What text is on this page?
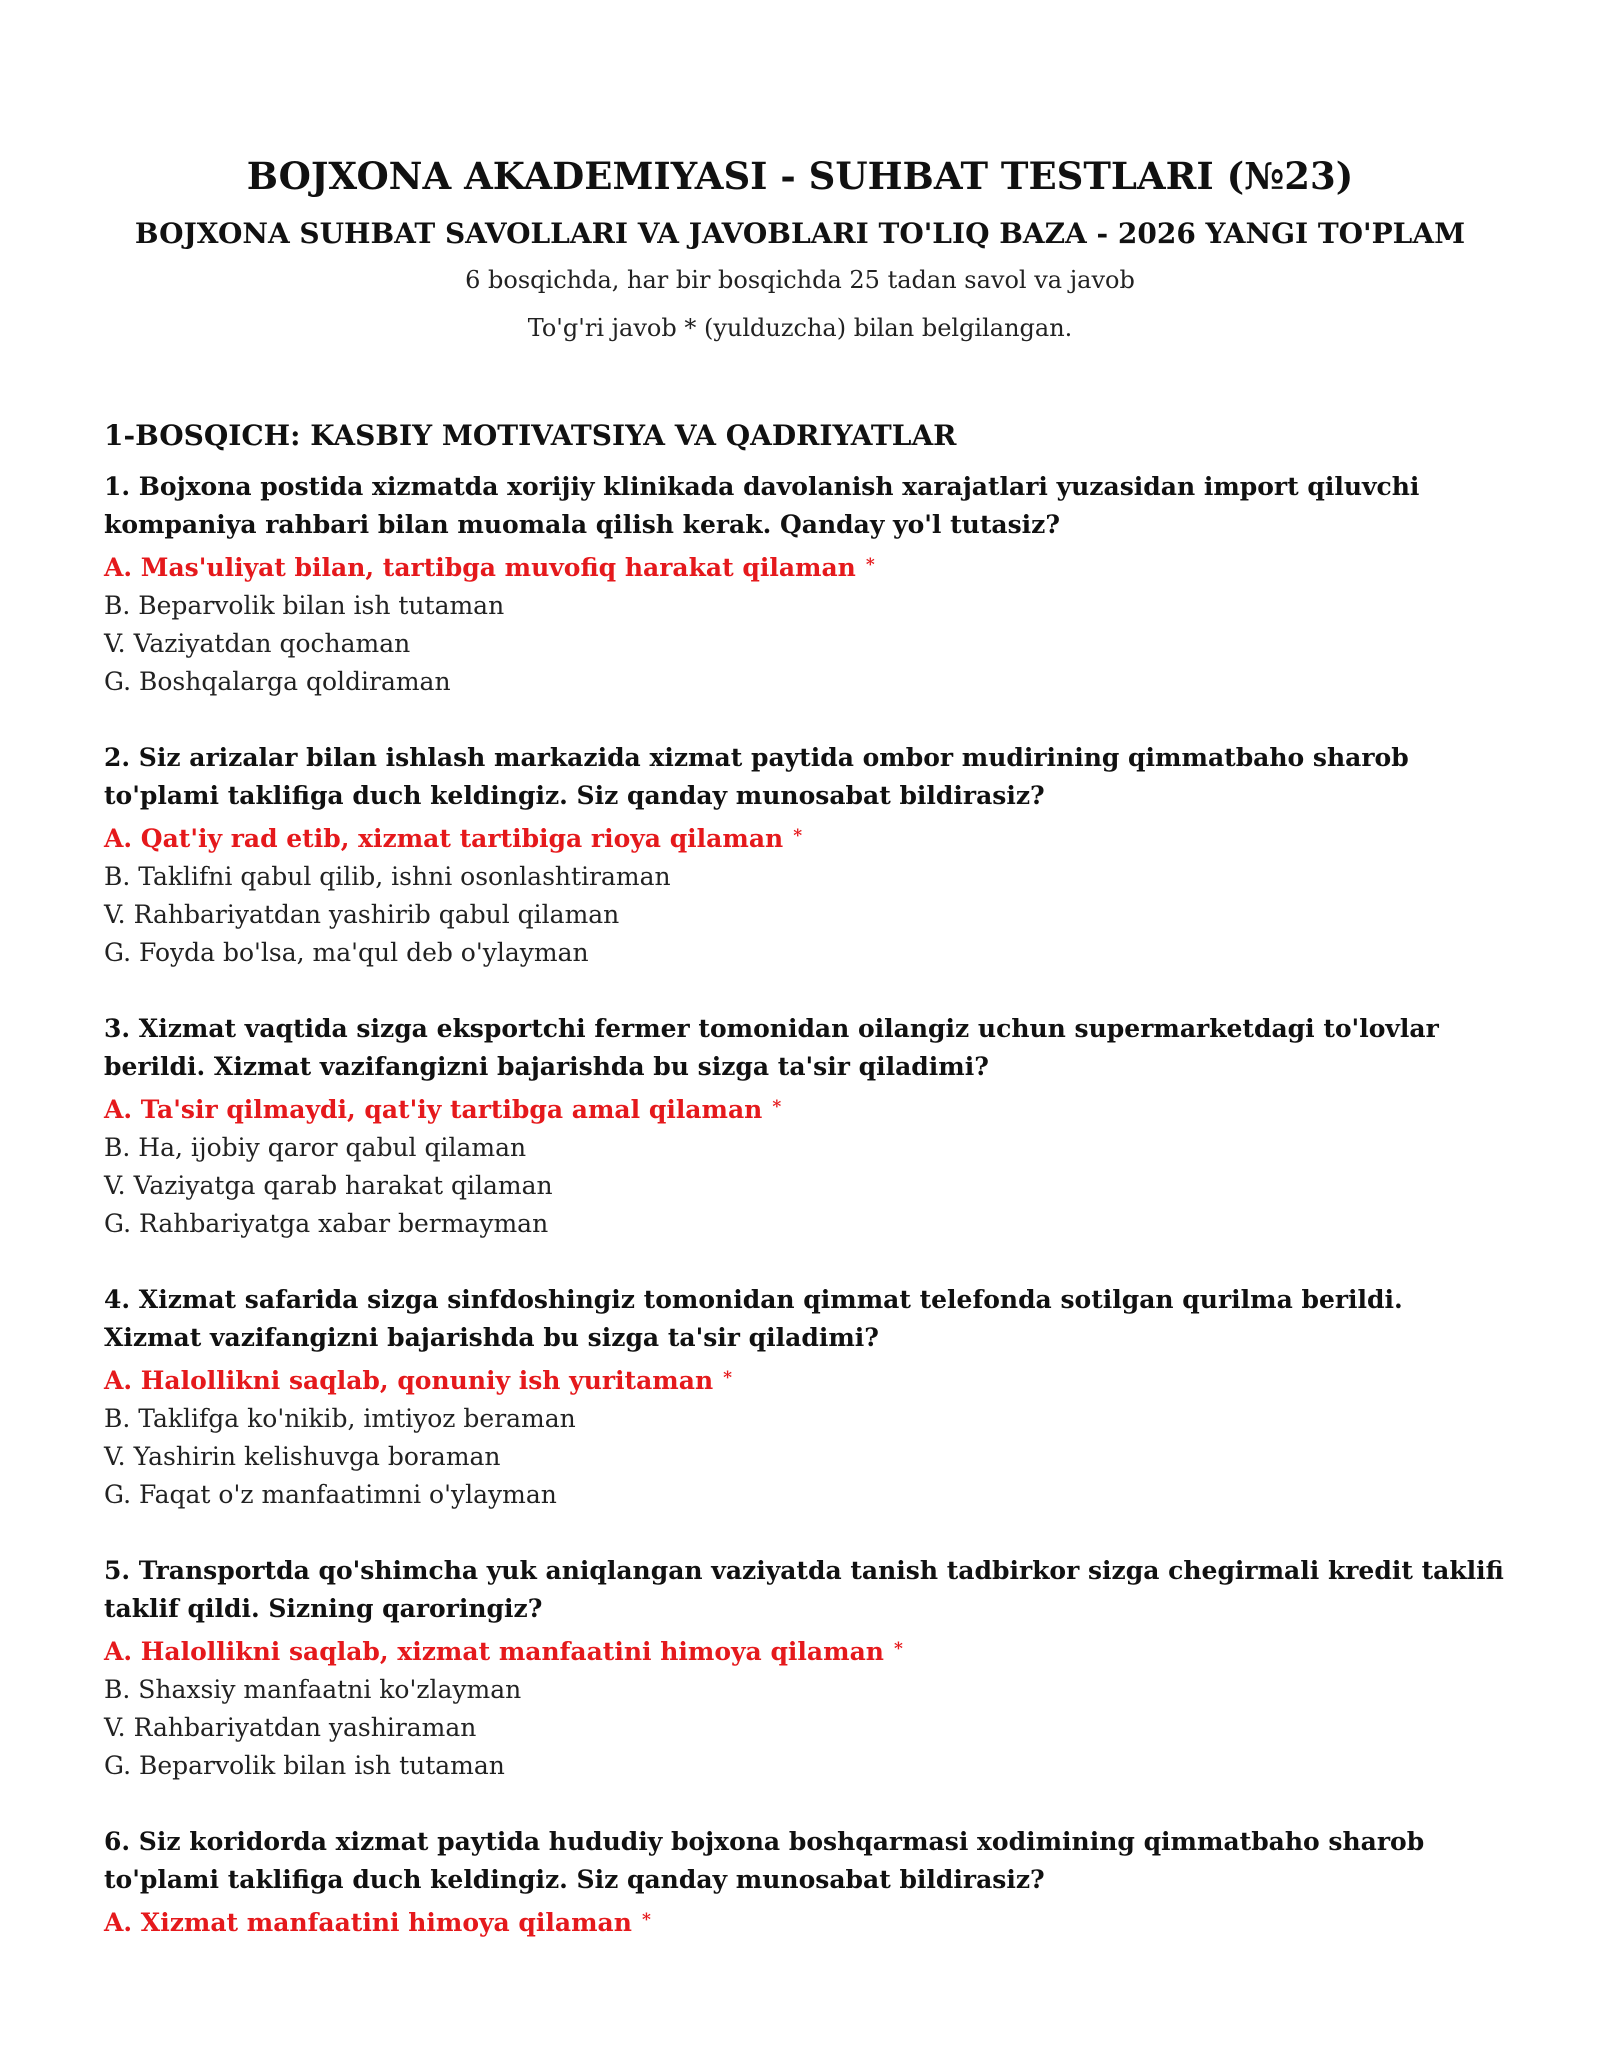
BOJXONA AKADEMIYASI - SUHBAT TESTLARI (№23)

BOJXONA SUHBAT SAVOLLARI VA JAVOBLARI TO'LIQ BAZA - 2026 YANGI TO'PLAM

6 bosqichda, har bir bosqichda 25 tadan savol va javob

To'g'ri javob * (yulduzcha) bilan belgilangan.

1-BOSQICH: KASBIY MOTIVATSIYA VA QADRIYATLAR

1. Bojxona postida xizmatda xorijiy klinikada davolanish xarajatlari yuzasidan import qiluvchi kompaniya rahbari bilan muomala qilish kerak. Qanday yo'l tutasiz?

A. Mas'uliyat bilan, tartibga muvofiq harakat qilaman *

B. Beparvolik bilan ish tutaman

V. Vaziyatdan qochaman

G. Boshqalarga qoldiraman

2. Siz arizalar bilan ishlash markazida xizmat paytida ombor mudirining qimmatbaho sharob to'plami taklifiga duch keldingiz. Siz qanday munosabat bildirasiz?

A. Qat'iy rad etib, xizmat tartibiga rioya qilaman *

B. Taklifni qabul qilib, ishni osonlashtiraman

V. Rahbariyatdan yashirib qabul qilaman

G. Foyda bo'lsa, ma'qul deb o'ylayman

3. Xizmat vaqtida sizga eksportchi fermer tomonidan oilangiz uchun supermarketdagi to'lovlar berildi. Xizmat vazifangizni bajarishda bu sizga ta'sir qiladimi?

A. Ta'sir qilmaydi, qat'iy tartibga amal qilaman *

B. Ha, ijobiy qaror qabul qilaman

V. Vaziyatga qarab harakat qilaman

G. Rahbariyatga xabar bermayman

4. Xizmat safarida sizga sinfdoshingiz tomonidan qimmat telefonda sotilgan qurilma berildi. Xizmat vazifangizni bajarishda bu sizga ta'sir qiladimi?

A. Halollikni saqlab, qonuniy ish yuritaman *

B. Taklifga ko'nikib, imtiyoz beraman

V. Yashirin kelishuvga boraman

G. Faqat o'z manfaatimni o'ylayman

5. Transportda qo'shimcha yuk aniqlangan vaziyatda tanish tadbirkor sizga chegirmali kredit taklifi taklif qildi. Sizning qaroringiz?

A. Halollikni saqlab, xizmat manfaatini himoya qilaman *

B. Shaxsiy manfaatni ko'zlayman

V. Rahbariyatdan yashiraman

G. Beparvolik bilan ish tutaman

6. Siz koridorda xizmat paytida hududiy bojxona boshqarmasi xodimining qimmatbaho sharob to'plami taklifiga duch keldingiz. Siz qanday munosabat bildirasiz?

A. Xizmat manfaatini himoya qilaman *
